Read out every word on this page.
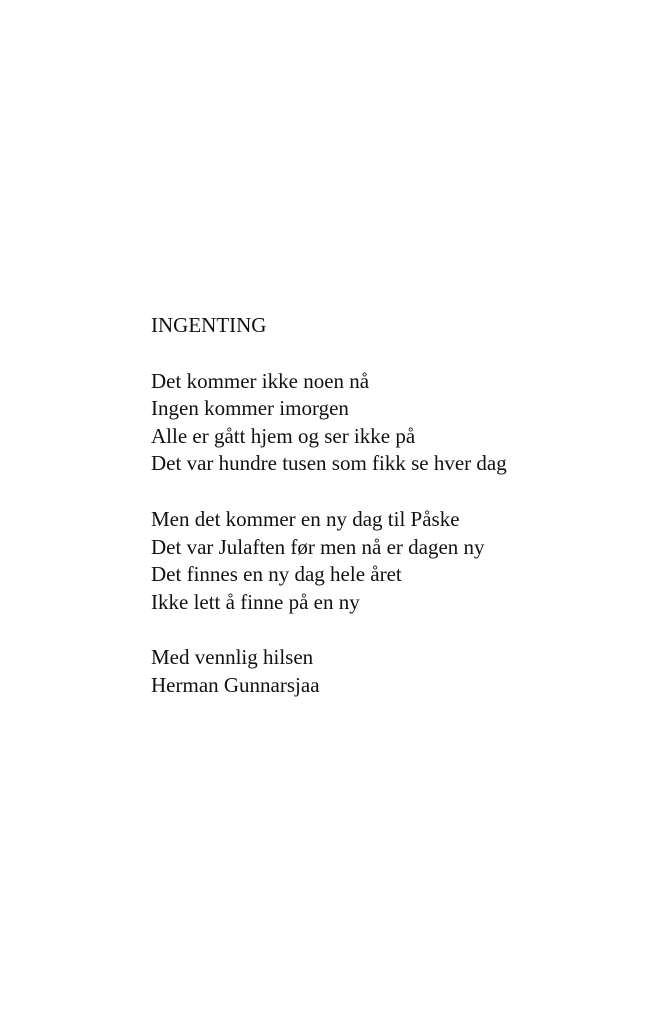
INGENTING
Det kommer ikke noen nå
Ingen kommer imorgen
Alle er gått hjem og ser ikke på
Det var hundre tusen som fikk se hver dag
Men det kommer en ny dag til Påske
Det var Julaften før men nå er dagen ny
Det finnes en ny dag hele året
Ikke lett å finne på en ny
Med vennlig hilsen
Herman Gunnarsjaa
